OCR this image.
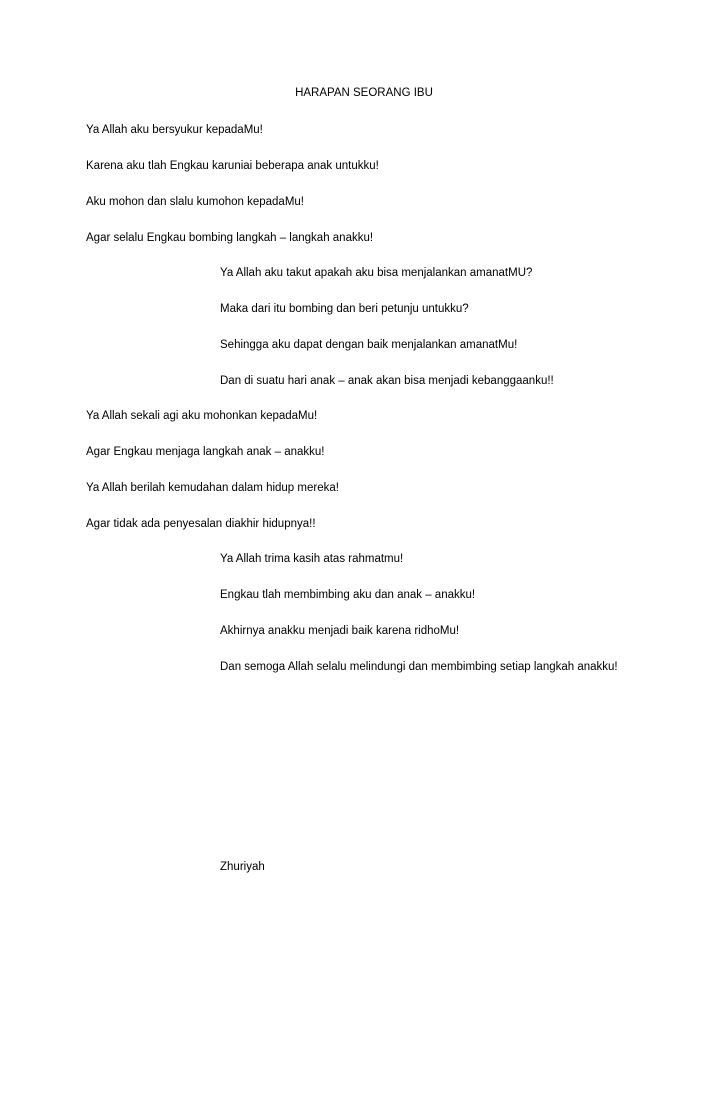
HARAPAN SEORANG IBU
Ya Allah aku bersyukur kepadaMu!
Karena aku tlah Engkau karuniai beberapa anak untukku!
Aku mohon dan slalu kumohon kepadaMu!
Agar selalu Engkau bombing langkah – langkah anakku!
Ya Allah aku takut apakah aku bisa menjalankan amanatMU?
Maka dari itu bombing dan beri petunju untukku?
Sehingga aku dapat dengan baik menjalankan amanatMu!
Dan di suatu hari anak – anak akan bisa menjadi kebanggaanku!!
Ya Allah sekali agi aku mohonkan kepadaMu!
Agar Engkau menjaga langkah anak – anakku!
Ya Allah berilah kemudahan dalam hidup mereka!
Agar tidak ada penyesalan diakhir hidupnya!!
Ya Allah trima kasih atas rahmatmu!
Engkau tlah membimbing aku dan anak – anakku!
Akhirnya anakku menjadi baik karena ridhoMu!
Dan semoga Allah selalu melindungi dan membimbing setiap langkah anakku!
Zhuriyah
